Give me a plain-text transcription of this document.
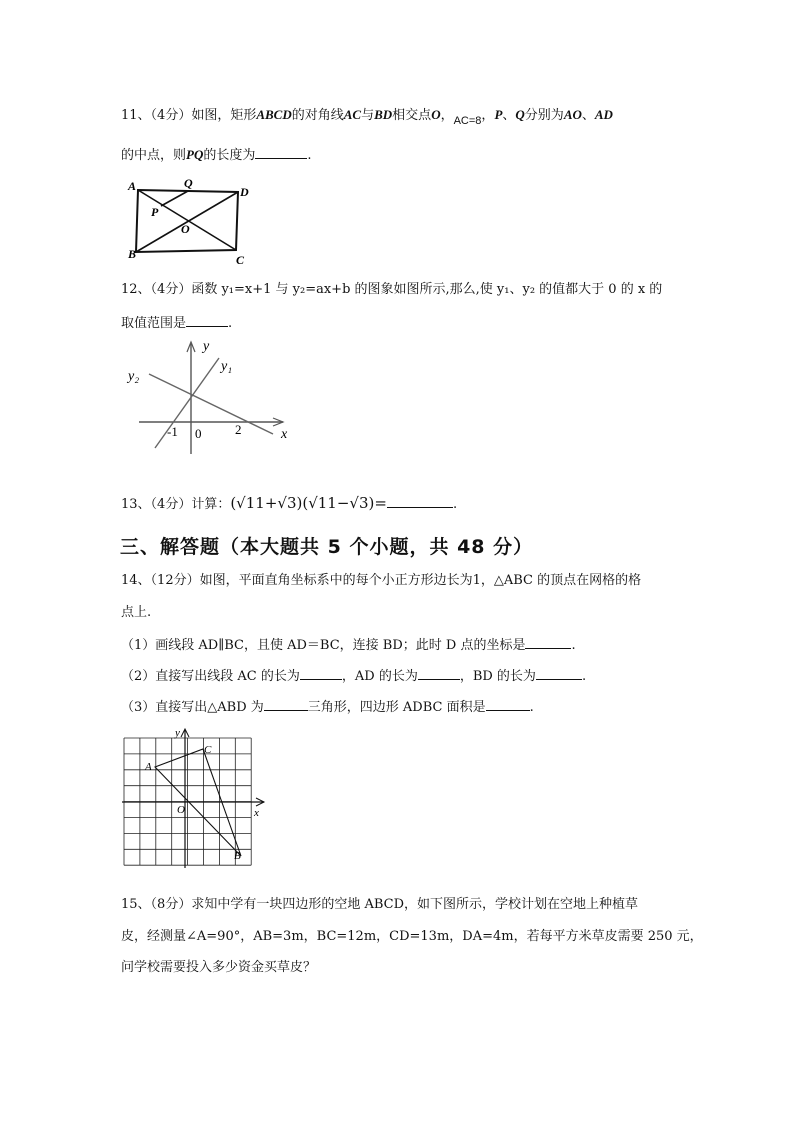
11、（4分）如图，矩形ABCD的对角线AC与BD相交点O，$_{AC=8}$，P、Q分别为AO、AD
的中点，则PQ的长度为	.
A	Q
D
P
O
B	C
12、（4分）函数 y₁=x+1 与 y₂=ax+b 的图象如图所示,那么,使 y₁、y₂ 的值都大于 0 的 x 的
取值范围是	.
y
y₁
y₂
-1 0	2	x
13、（4分）计算：(√11+√3)(√11−√3)=	.
三、解答题（本大题共 5 个小题，共 48 分）
14、（12分）如图，平面直角坐标系中的每个小正方形边长为1，△ABC 的顶点在网格的格
点上.
（1）画线段 AD∥BC，且使 AD＝BC，连接 BD；此时 D 点的坐标是	.
（2）直接写出线段 AC 的长为	，AD 的长为	，BD 的长为	.
（3）直接写出△ABD 为	三角形，四边形 ADBC 面积是	.
y
x
A
C
O
B
15、（8分）求知中学有一块四边形的空地 ABCD，如下图所示，学校计划在空地上种植草
皮，经测量∠A=90°，AB=3m，BC=12m，CD=13m，DA=4m，若每平方米草皮需要 250 元，
问学校需要投入多少资金买草皮？
